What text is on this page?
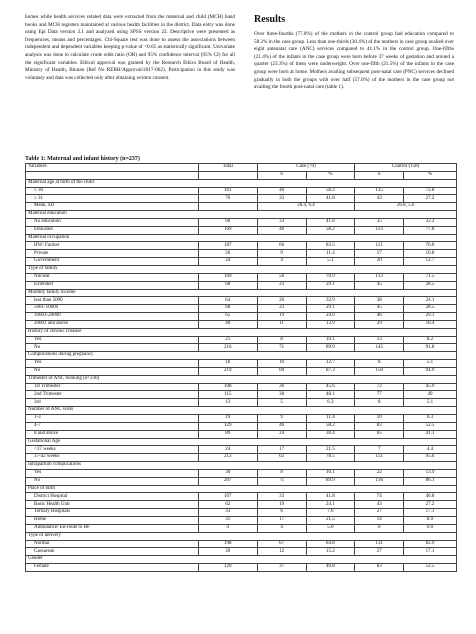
homes while health services related data were extracted from the maternal and child (MCH) hand books and MCH registers maintained at various health facilities in the district. Data entry was done using Epi Data version 3.1 and analyzed using SPSS version 22. Descriptive were presented as frequencies, means and percentages. Chi-Square test was done to assess the associations between independent and dependent variables keeping p-value of <0.05 as statistically significant. Univariate analysis was done to calculate crude odds ratio (OR) and 95% confidence interval (95% CI) for all the significant variables. Ethical approval was granted by the Research Ethics Board of Health, Ministry of Health, Bhutan (Ref No REBH/Approval/2017-062). Participation in this study was voluntary and data was collected only after obtaining written consent.

Results

Over three-fourths (77.8%) of the mothers in the control group had education compared to 58.2% in the case group. Less than one-thirds (30.4%) of the mothers in case group availed over eight antenatal care (ANC) services compared to 41.1% in the control group. One-fifths (21.4%) of the infants in the case group were born before 37 weeks of gestation and around a quarter (23.3%) of them were underweight. Over one-fifth (21.5%) of the infants in the case group were born at home. Mothers availing subsequent post-natal care (PNC) services declined gradually in both the groups with over half (57.0%) of the mothers in the case group not availing the fourth post-natal care (table 1).

Table 1: Maternal and infant history (n=237)
Variables	Total	Case (79)		Control (158)	
		n	%	n	%
Maternal age at birth of the child					
≤ 30	161	46	58.2	115	72.8
≥ 31	76	33	41.8	43	27.2
Mean, SD		28.4, 6.4		26.8, 5.6	
Maternal education					
No education	68	33	41.8	35	22.2
Educated	169	46	58.2	123	77.8
Maternal occupation					
HW/ Farmer	187	66	83.5	121	76.6
Private	26	9	11.4	17	10.8
Government	24	4	5.1	20	12.7
Type of family					
Nuclear	169	56	70.9	113	71.5
Extended	68	23	29.1	45	28.5
Monthly family income					
less than 5000	64	26	32.9	38	24.1
5001-10000	68	23	29.1	45	28.5
10001-20000	65	19	24.0	46	29.1
20001 and above	40	11	13.9	29	18.4
History of chronic Disease					
Yes	21	8	10.1	13	8.2
No	216	71	89.9	145	91.8
Complications during pregnancy					
Yes	18	10	12.7	8	5.1
No	219	69	87.3	150	94.9
Trimester of ANC booking (n=236)					
1st Trimester	108	36	45.6	72	45.9
2nd Trimester	115	38	48.1	77	49
3rd	13	5	6.3	8	5.1
Number of ANC visits					
1-3	19	9	11.4	10	6.3
4-7	129	46	58.2	83	52.5
8 and above	89	24	30.4	65	41.1
Gestational Age					
<37 weeks	24	17	21.5	7	4.4
37-42 weeks	213	62	78.5	151	95.6
Intrapartum complications					
Yes	30	8	10.1	22	13.9
No	207	71	89.9	136	86.1
Place of birth					
District Hospital	107	33	41.8	74	46.8
Basic Health Unit	62	19	24.1	43	27.2
Tertiary Hospitals	33	6	7.6	27	17.1
Home	31	17	21.5	14	8.9
Ambulance/ En-route to HF	4	4	5.0	0	0.0
Type of delivery					
Normal	198	67	84.8	131	82.9
Caesarean	39	12	15.2	27	17.1
Gender					
Female	120	37	46.8	83	52.5
